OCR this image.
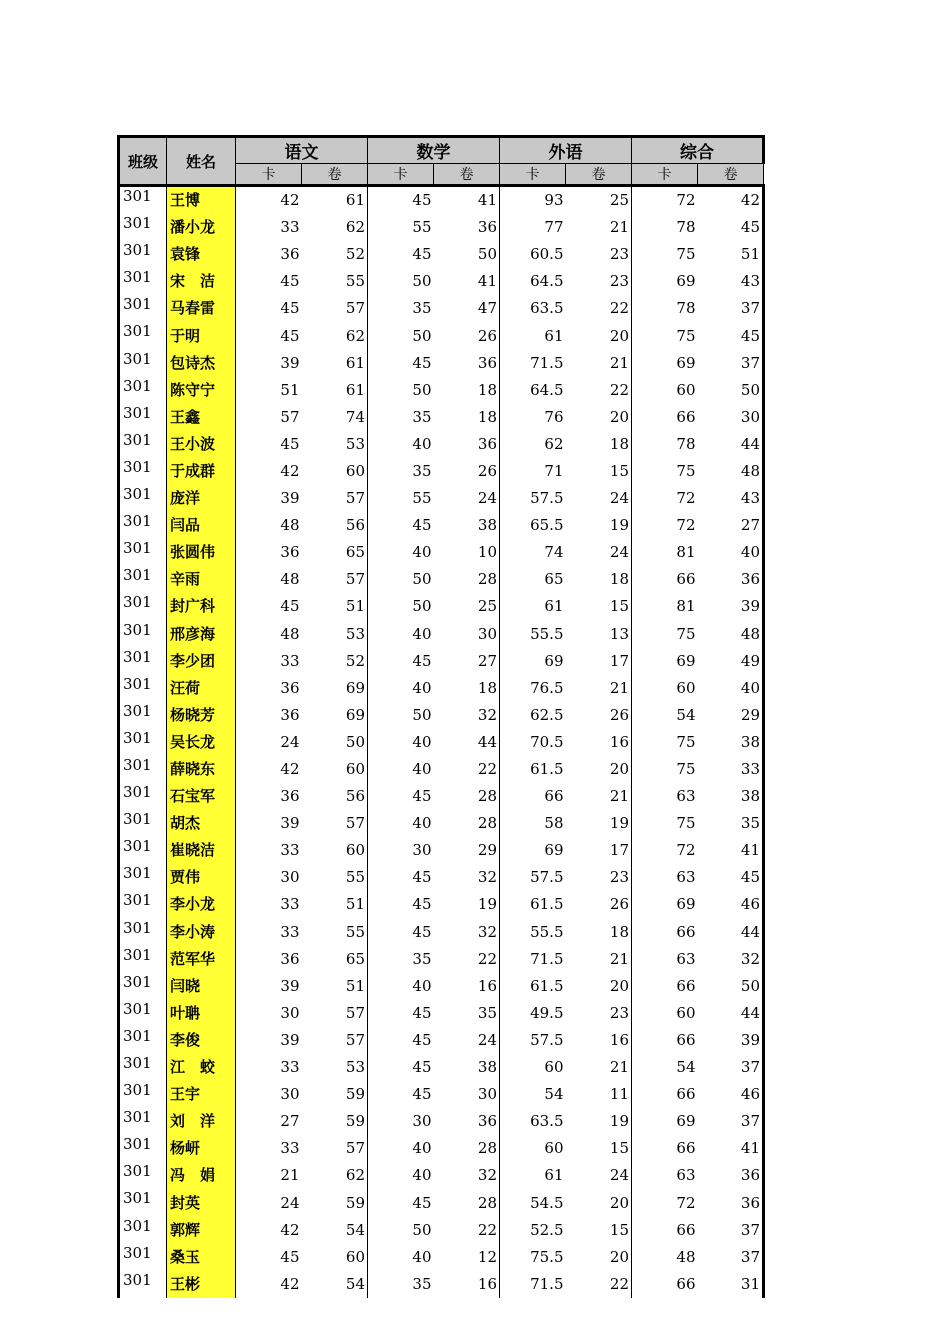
班级	姓名	语文		数学		外语		综合	
		卡	卷	卡	卷	卡	卷	卡	卷
301	王博	42	61	45	41	93	25	72	42
301	潘小龙	33	62	55	36	77	21	78	45
301	袁锋	36	52	45	50	60.5	23	75	51
301	宋　洁	45	55	50	41	64.5	23	69	43
301	马春雷	45	57	35	47	63.5	22	78	37
301	于明	45	62	50	26	61	20	75	45
301	包诗杰	39	61	45	36	71.5	21	69	37
301	陈守宁	51	61	50	18	64.5	22	60	50
301	王鑫	57	74	35	18	76	20	66	30
301	王小波	45	53	40	36	62	18	78	44
301	于成群	42	60	35	26	71	15	75	48
301	庞洋	39	57	55	24	57.5	24	72	43
301	闫品	48	56	45	38	65.5	19	72	27
301	张圆伟	36	65	40	10	74	24	81	40
301	辛雨	48	57	50	28	65	18	66	36
301	封广科	45	51	50	25	61	15	81	39
301	邢彦海	48	53	40	30	55.5	13	75	48
301	李少团	33	52	45	27	69	17	69	49
301	汪荷	36	69	40	18	76.5	21	60	40
301	杨晓芳	36	69	50	32	62.5	26	54	29
301	吴长龙	24	50	40	44	70.5	16	75	38
301	薛晓东	42	60	40	22	61.5	20	75	33
301	石宝军	36	56	45	28	66	21	63	38
301	胡杰	39	57	40	28	58	19	75	35
301	崔晓洁	33	60	30	29	69	17	72	41
301	贾伟	30	55	45	32	57.5	23	63	45
301	李小龙	33	51	45	19	61.5	26	69	46
301	李小涛	33	55	45	32	55.5	18	66	44
301	范军华	36	65	35	22	71.5	21	63	32
301	闫晓	39	51	40	16	61.5	20	66	50
301	叶聃	30	57	45	35	49.5	23	60	44
301	李俊	39	57	45	24	57.5	16	66	39
301	江　蛟	33	53	45	38	60	21	54	37
301	王宇	30	59	45	30	54	11	66	46
301	刘　洋	27	59	30	36	63.5	19	69	37
301	杨岍	33	57	40	28	60	15	66	41
301	冯　娟	21	62	40	32	61	24	63	36
301	封英	24	59	45	28	54.5	20	72	36
301	郭辉	42	54	50	22	52.5	15	66	37
301	桑玉	45	60	40	12	75.5	20	48	37
301	王彬	42	54	35	16	71.5	22	66	31
